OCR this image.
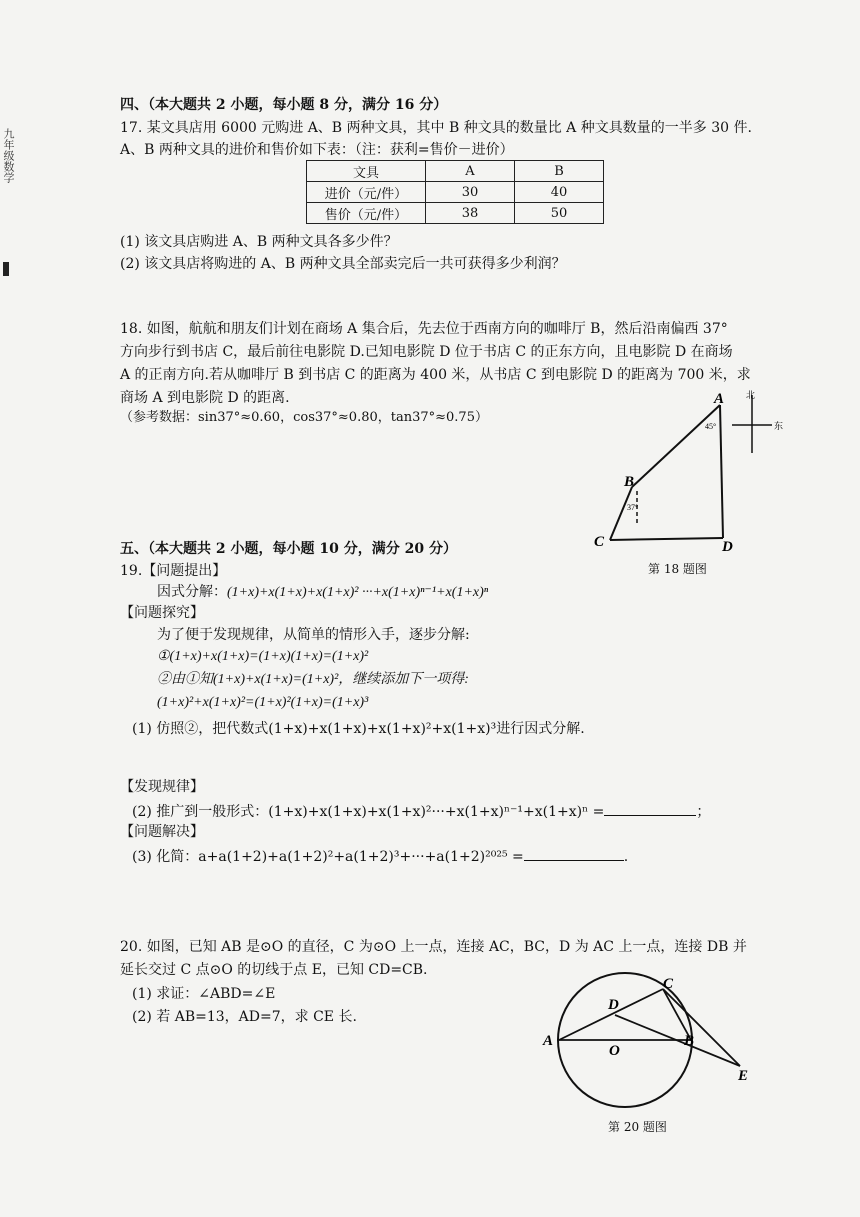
九年级数学
四、（本大题共 2 小题，每小题 8 分，满分 16 分）
17. 某文具店用 6000 元购进 A、B 两种文具，其中 B 种文具的数量比 A 种文具数量的一半多 30 件.
A、B 两种文具的进价和售价如下表：（注：获利=售价－进价）
文具	A	B
进价（元/件）	30	40
售价（元/件）	38	50
(1) 该文具店购进 A、B 两种文具各多少件？
(2) 该文具店将购进的 A、B 两种文具全部卖完后一共可获得多少利润？
18. 如图，航航和朋友们计划在商场 A 集合后，先去位于西南方向的咖啡厅 B，然后沿南偏西 37°
方向步行到书店 C，最后前往电影院 D.已知电影院 D 位于书店 C 的正东方向，且电影院 D 在商场
A 的正南方向.若从咖啡厅 B 到书店 C 的距离为 400 米，从书店 C 到电影院 D 的距离为 700 米，求
商场 A 到电影院 D 的距离.
（参考数据：sin37°≈0.60，cos37°≈0.80，tan37°≈0.75）
A
45°
B
37°
C	D
北
东
第 18 题图
五、（本大题共 2 小题，每小题 10 分，满分 20 分）
19.【问题提出】
因式分解：(1+x)+x(1+x)+x(1+x)² ···+x(1+x)ⁿ⁻¹+x(1+x)ⁿ
【问题探究】
为了便于发现规律，从简单的情形入手，逐步分解:
①(1+x)+x(1+x)=(1+x)(1+x)=(1+x)²
②由①知(1+x)+x(1+x)=(1+x)²，继续添加下一项得:
(1+x)²+x(1+x)²=(1+x)²(1+x)=(1+x)³
(1) 仿照②，把代数式(1+x)+x(1+x)+x(1+x)²+x(1+x)³进行因式分解.
【发现规律】
(2) 推广到一般形式：(1+x)+x(1+x)+x(1+x)²···+x(1+x)ⁿ⁻¹+x(1+x)ⁿ =	；
【问题解决】
(3) 化简：a+a(1+2)+a(1+2)²+a(1+2)³+···+a(1+2)²⁰²⁵ =	.
20. 如图，已知 AB 是⊙O 的直径，C 为⊙O 上一点，连接 AC，BC，D 为 AC 上一点，连接 DB 并
延长交过 C 点⊙O 的切线于点 E，已知 CD=CB.
(1) 求证：∠ABD=∠E
(2) 若 AB=13，AD=7，求 CE 长.
A
D
C
O
B
E
第 20 题图
